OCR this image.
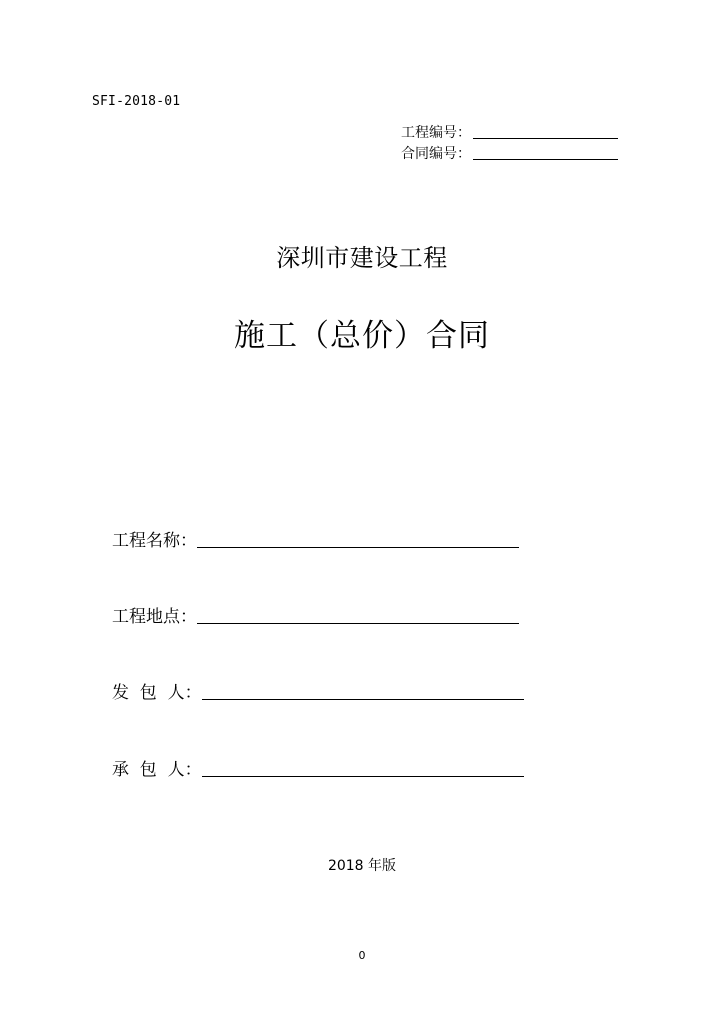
SFI-2018-01
工程编号：
合同编号：
深圳市建设工程
施工（总价）合同
工程名称：
工程地点：
发  包  人：
承  包  人：
2018 年版
0
